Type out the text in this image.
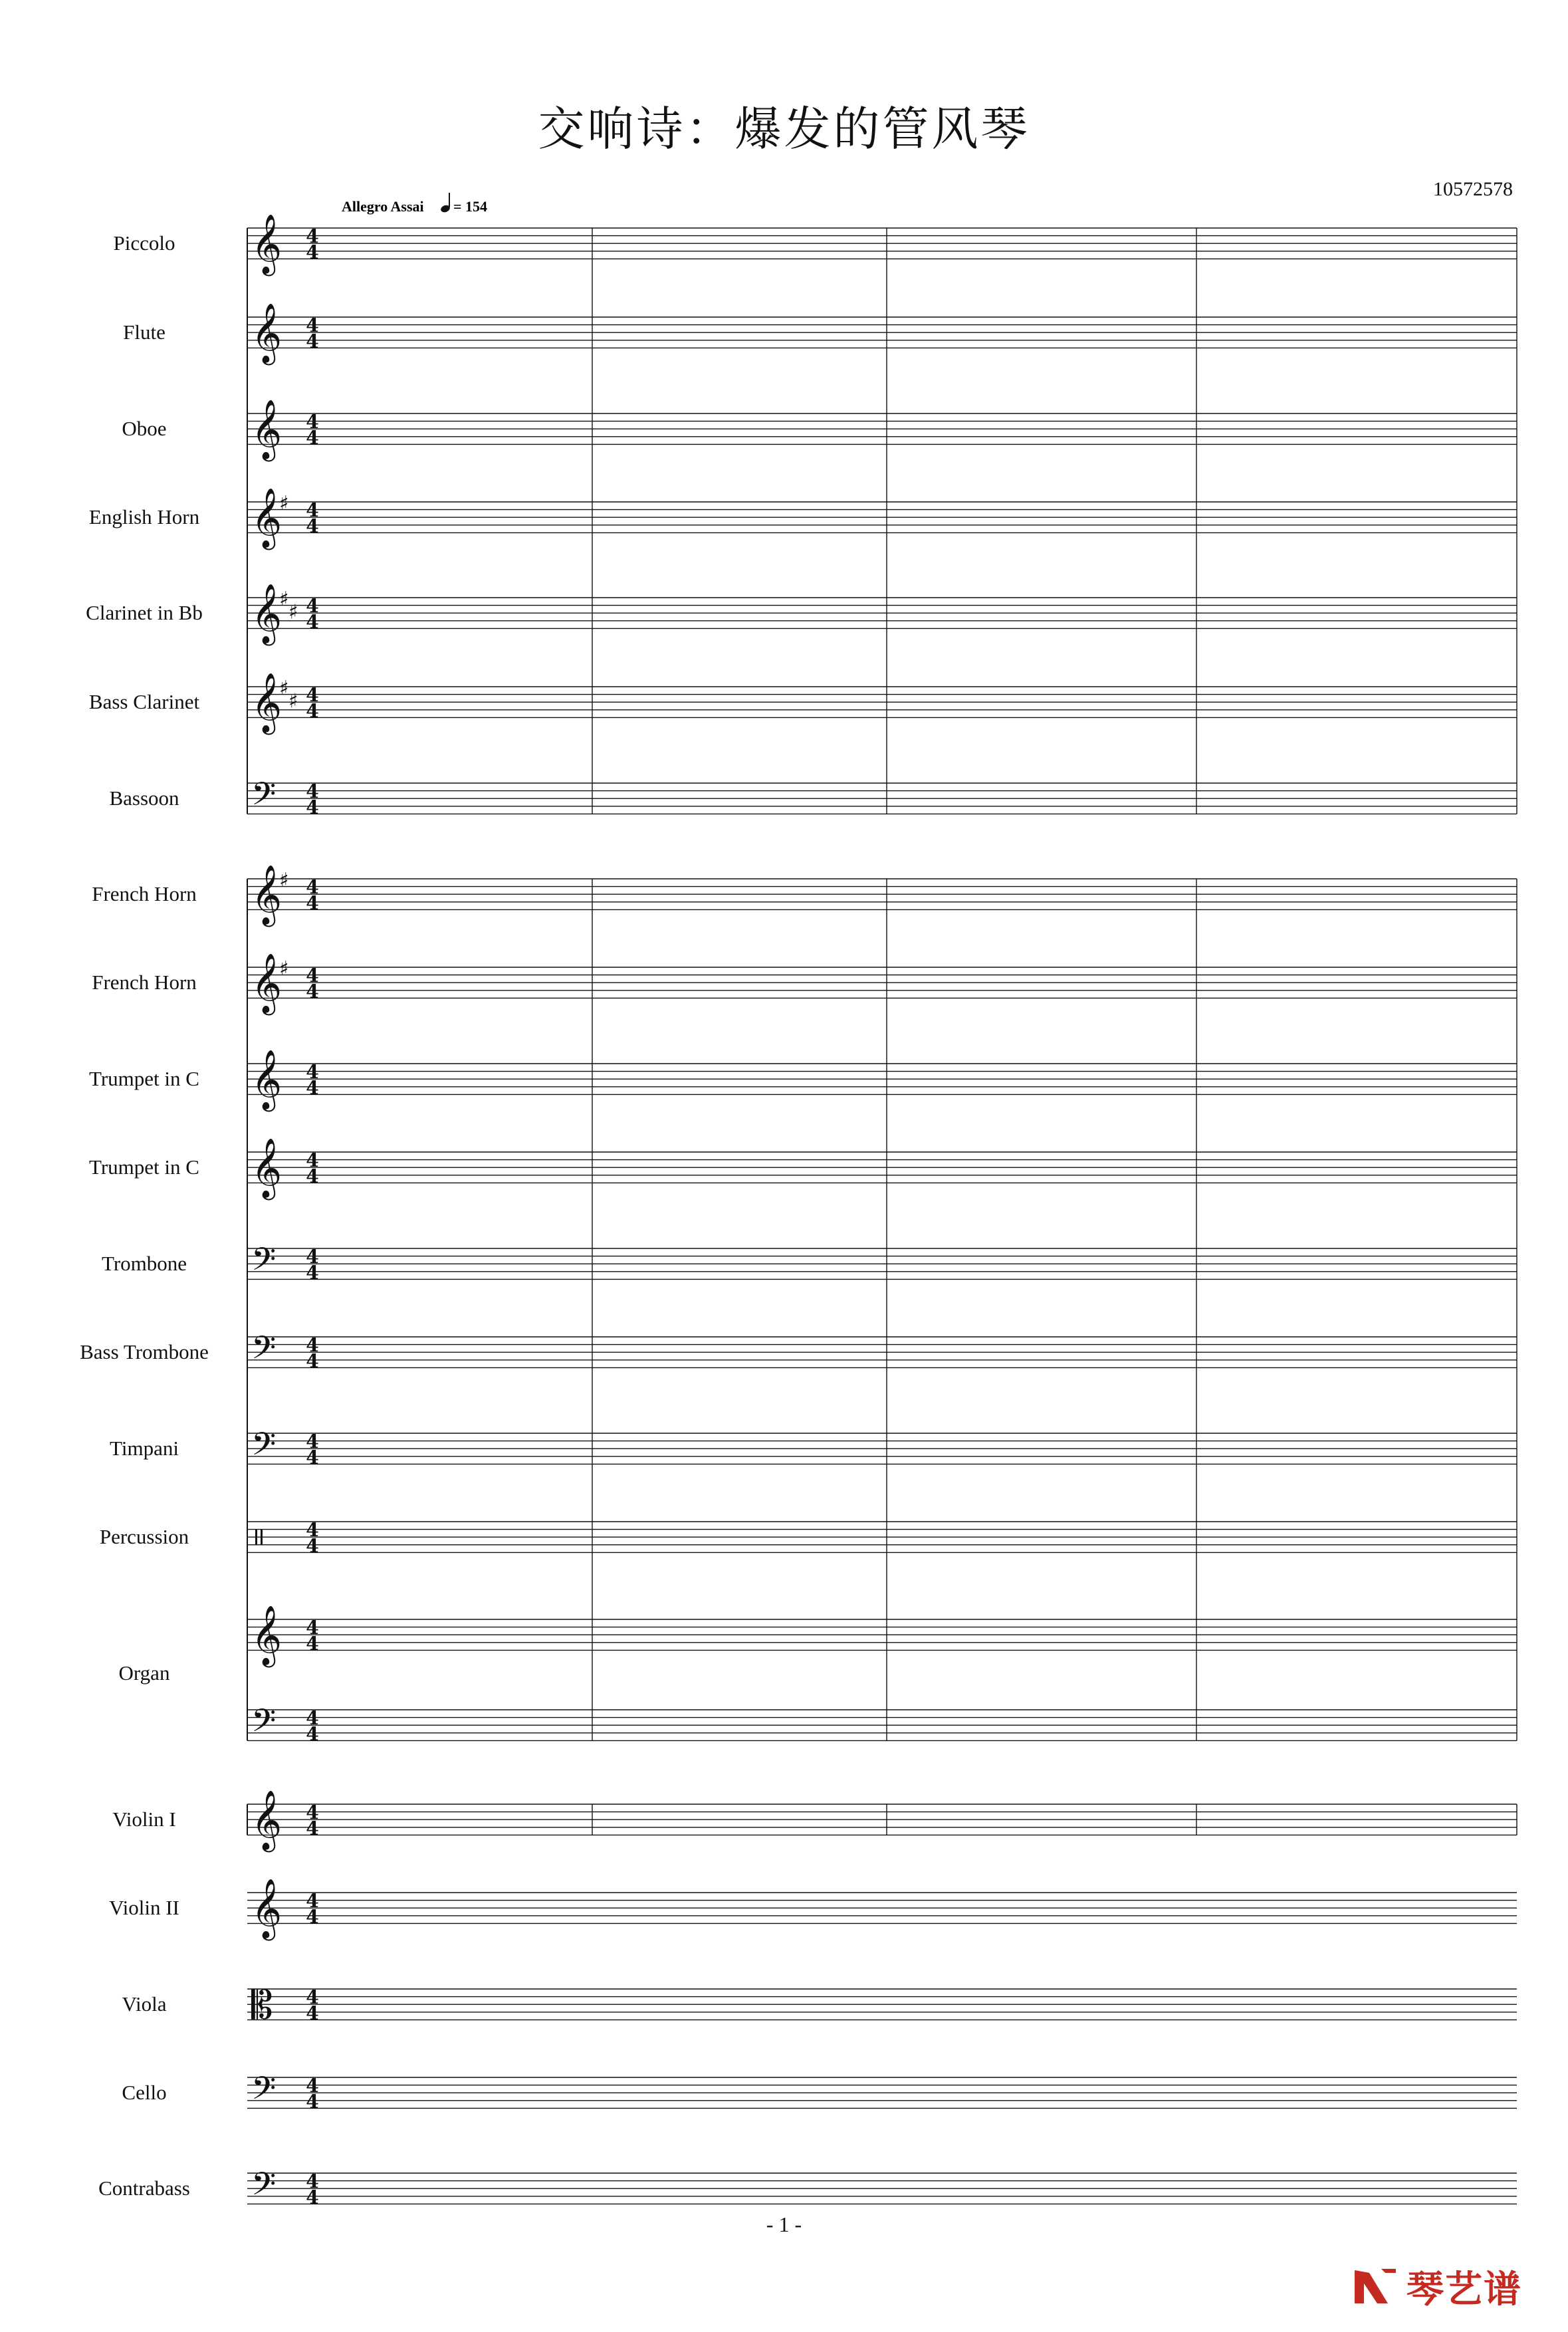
交响诗：爆发的管风琴
10572578
Allegro Assai = 154
𝄞 4
4
Piccolo
𝄞 4
4
Flute
𝄞 4
4
Oboe
𝄞
♯ 4
4
English Horn
𝄞
♯
♯ 4
4
Clarinet in Bb
𝄞
♯
♯ 4
4
Bass Clarinet
𝄢 4
4
Bassoon
𝄞
♯ 4
4
French Horn
𝄞
♯ 4
4
French Horn
𝄞 4
4
Trumpet in C
𝄞 4
4
Trumpet in C
𝄢 4
4
Trombone
𝄢 4
4
Bass Trombone
𝄢 4
4
Timpani
4
4
Percussion
𝄞 4
4
𝄢 4
4
Organ
𝄞 4
4
Violin I
𝄞 4
4
Violin II
𝄡 4
4
Viola
𝄢 4
4
Cello
𝄢 4
4
Contrabass
- 1 -
琴艺谱
